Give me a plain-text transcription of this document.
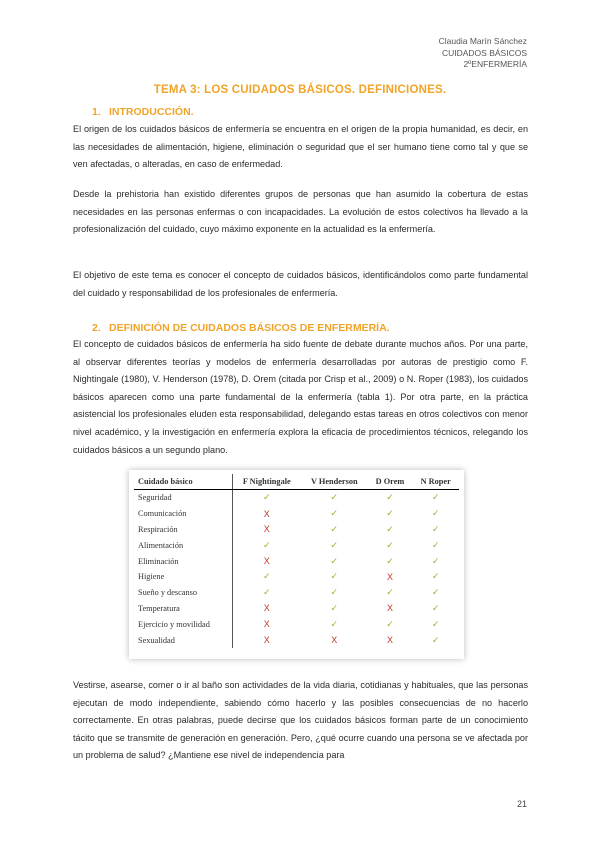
Claudia Marín Sánchez
CUIDADOS BÁSICOS
2ºENFERMERÍA
TEMA 3: LOS CUIDADOS BÁSICOS. DEFINICIONES.
1. INTRODUCCIÓN.

El origen de los cuidados básicos de enfermería se encuentra en el origen de la propia humanidad, es decir, en las necesidades de alimentación, higiene, eliminación o seguridad que el ser humano tiene como tal y que se ven afectadas, o alteradas, en caso de enfermedad.

Desde la prehistoria han existido diferentes grupos de personas que han asumido la cobertura de estas necesidades en las personas enfermas o con incapacidades. La evolución de estos colectivos ha llevado a la profesionalización del cuidado, cuyo máximo exponente en la actualidad es la enfermería.

El objetivo de este tema es conocer el concepto de cuidados básicos, identificándolos como parte fundamental del cuidado y responsabilidad de los profesionales de enfermería.

2. DEFINICIÓN DE CUIDADOS BÁSICOS DE ENFERMERÍA.

El concepto de cuidados básicos de enfermería ha sido fuente de debate durante muchos años. Por una parte, al observar diferentes teorías y modelos de enfermería desarrolladas por autoras de prestigio como F. Nightingale (1980), V. Henderson (1978), D. Orem (citada por Crisp et al., 2009) o N. Roper (1983), los cuidados básicos aparecen como una parte fundamental de la enfermería (tabla 1). Por otra parte, en la práctica asistencial los profesionales eluden esta responsabilidad, delegando estas tareas en otros colectivos con menor nivel académico, y la investigación en enfermería explora la eficacia de procedimientos técnicos, relegando los cuidados básicos a un segundo plano.

Cuidado básico	F Nightingale	V Henderson	D Orem	N Roper
Seguridad	✓	✓	✓	✓
Comunicación	X	✓	✓	✓
Respiración	X	✓	✓	✓
Alimentación	✓	✓	✓	✓
Eliminación	X	✓	✓	✓
Higiene	✓	✓	X	✓
Sueño y descanso	✓	✓	✓	✓
Temperatura	X	✓	X	✓
Ejercicio y movilidad	X	✓	✓	✓
Sexualidad	X	X	X	✓

Vestirse, asearse, comer o ir al baño son actividades de la vida diaria, cotidianas y habituales, que las personas ejecutan de modo independiente, sabiendo cómo hacerlo y las posibles consecuencias de no hacerlo correctamente. En otras palabras, puede decirse que los cuidados básicos forman parte de un conocimiento tácito que se transmite de generación en generación. Pero, ¿qué ocurre cuando una persona se ve afectada por un problema de salud? ¿Mantiene ese nivel de independencia para

21
